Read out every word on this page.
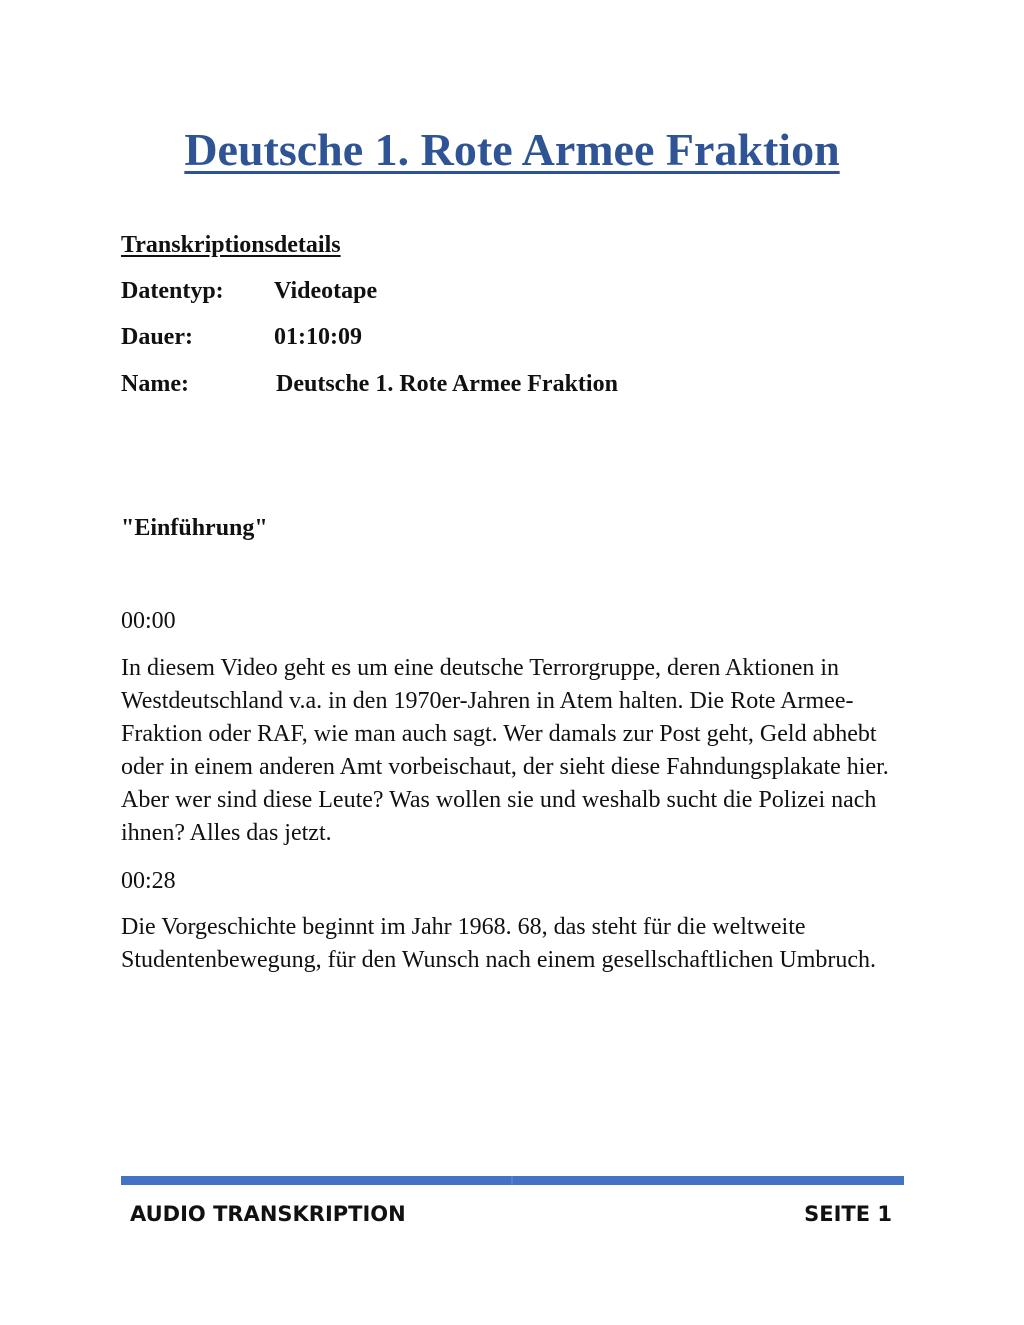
Deutsche 1. Rote Armee Fraktion
Transkriptionsdetails
Datentyp: Videotape
Dauer:	01:10:09
Name:	Deutsche 1. Rote Armee Fraktion
"Einführung"
00:00

In diesem Video geht es um eine deutsche Terrorgruppe, deren Aktionen in Westdeutschland v.a. in den 1970er-Jahren in Atem halten. Die Rote Armee-Fraktion oder RAF, wie man auch sagt. Wer damals zur Post geht, Geld abhebt oder in einem anderen Amt vorbeischaut, der sieht diese Fahndungsplakate hier. Aber wer sind diese Leute? Was wollen sie und weshalb sucht die Polizei nach ihnen? Alles das jetzt.

00:28

Die Vorgeschichte beginnt im Jahr 1968. 68, das steht für die weltweite Studentenbewegung, für den Wunsch nach einem gesellschaftlichen Umbruch.

AUDIO TRANSKRIPTION	SEITE 1
